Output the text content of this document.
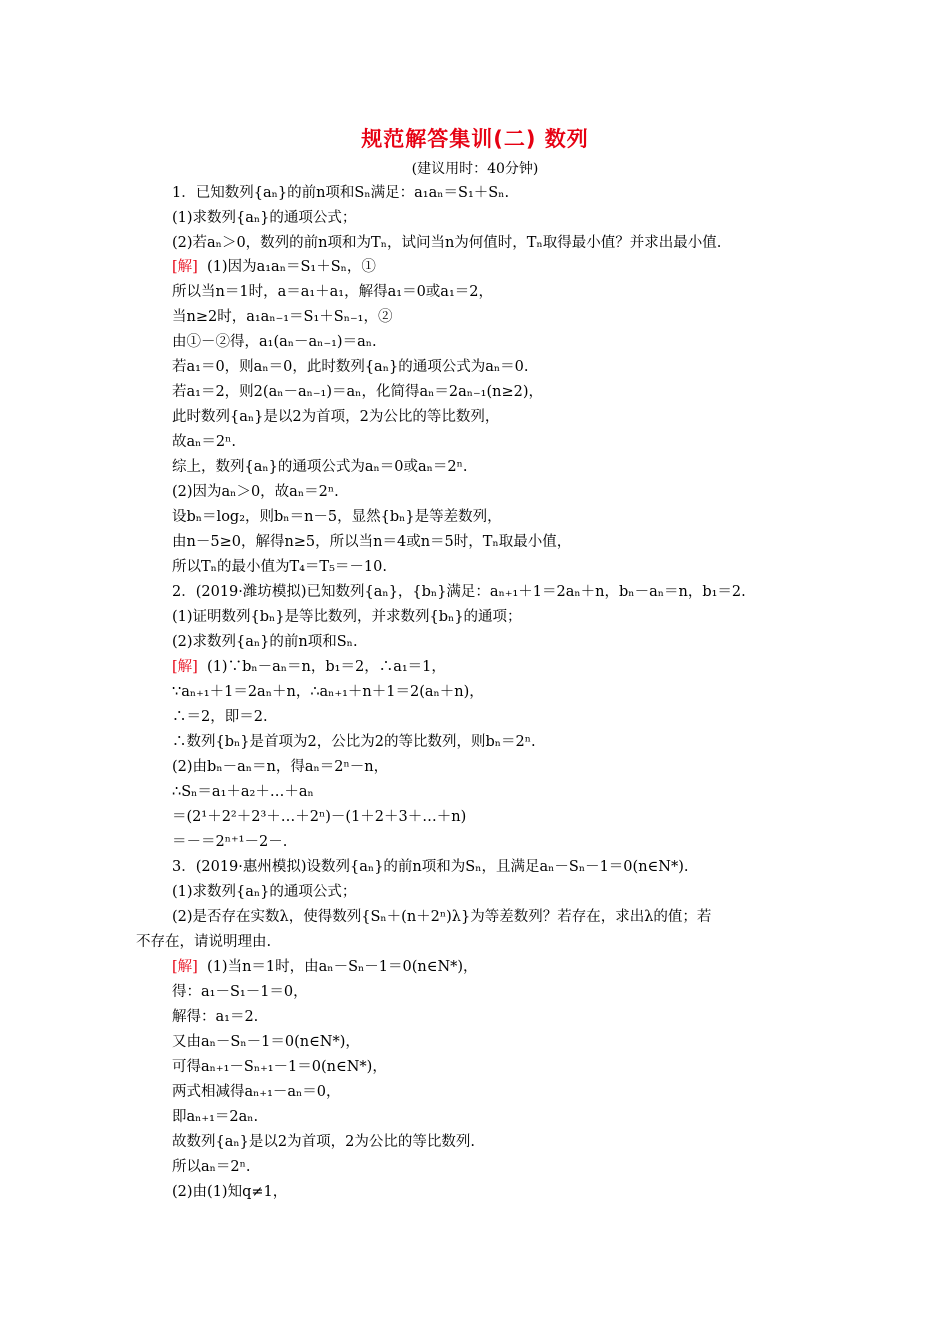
规范解答集训(二) 数列
(建议用时：40分钟)
1．已知数列{aₙ}的前n项和Sₙ满足：a₁aₙ＝S₁＋Sₙ.
(1)求数列{aₙ}的通项公式；
(2)若aₙ＞0，数列的前n项和为Tₙ，试问当n为何值时，Tₙ取得最小值？并求出最小值.
[解] (1)因为a₁aₙ＝S₁＋Sₙ，①
所以当n＝1时，a＝a₁＋a₁，解得a₁＝0或a₁＝2，
当n≥2时，a₁aₙ₋₁＝S₁＋Sₙ₋₁，②
由①－②得，a₁(aₙ－aₙ₋₁)＝aₙ.
若a₁＝0，则aₙ＝0，此时数列{aₙ}的通项公式为aₙ＝0.
若a₁＝2，则2(aₙ－aₙ₋₁)＝aₙ，化简得aₙ＝2aₙ₋₁(n≥2)，
此时数列{aₙ}是以2为首项，2为公比的等比数列，
故aₙ＝2ⁿ.
综上，数列{aₙ}的通项公式为aₙ＝0或aₙ＝2ⁿ.
(2)因为aₙ＞0，故aₙ＝2ⁿ.
设bₙ＝log₂，则bₙ＝n－5，显然{bₙ}是等差数列，
由n－5≥0，解得n≥5，所以当n＝4或n＝5时，Tₙ取最小值，
所以Tₙ的最小值为T₄＝T₅＝－10.
2．(2019·潍坊模拟)已知数列{aₙ}，{bₙ}满足：aₙ₊₁＋1＝2aₙ＋n，bₙ－aₙ＝n，b₁＝2.
(1)证明数列{bₙ}是等比数列，并求数列{bₙ}的通项；
(2)求数列{aₙ}的前n项和Sₙ.
[解] (1)∵bₙ－aₙ＝n，b₁＝2，∴a₁＝1，
∵aₙ₊₁＋1＝2aₙ＋n，∴aₙ₊₁＋n＋1＝2(aₙ＋n)，
∴＝2，即＝2.
∴数列{bₙ}是首项为2，公比为2的等比数列，则bₙ＝2ⁿ.
(2)由bₙ－aₙ＝n，得aₙ＝2ⁿ－n，
∴Sₙ＝a₁＋a₂＋…＋aₙ
＝(2¹＋2²＋2³＋…＋2ⁿ)－(1＋2＋3＋…＋n)
＝－＝2ⁿ⁺¹－2－.
3．(2019·惠州模拟)设数列{aₙ}的前n项和为Sₙ，且满足aₙ－Sₙ－1＝0(n∈N*).
(1)求数列{aₙ}的通项公式；
(2)是否存在实数λ，使得数列{Sₙ＋(n＋2ⁿ)λ}为等差数列？若存在，求出λ的值；若
不存在，请说明理由.
[解] (1)当n＝1时，由aₙ－Sₙ－1＝0(n∈N*)，
得：a₁－S₁－1＝0，
解得：a₁＝2.
又由aₙ－Sₙ－1＝0(n∈N*)，
可得aₙ₊₁－Sₙ₊₁－1＝0(n∈N*)，
两式相减得aₙ₊₁－aₙ＝0，
即aₙ₊₁＝2aₙ.
故数列{aₙ}是以2为首项，2为公比的等比数列.
所以aₙ＝2ⁿ.
(2)由(1)知q≠1，
